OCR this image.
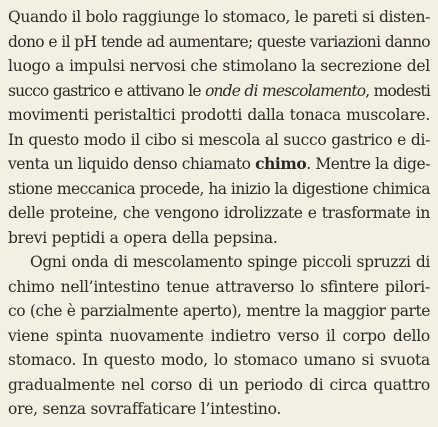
Quando il bolo raggiunge lo stomaco, le pareti si disten-
dono e il pH tende ad aumentare; queste variazioni danno
luogo a impulsi nervosi che stimolano la secrezione del
succo gastrico e attivano le onde di mescolamento, modesti
movimenti peristaltici prodotti dalla tonaca muscolare.
In questo modo il cibo si mescola al succo gastrico e di-
venta un liquido denso chiamato chimo. Mentre la dige-
stione meccanica procede, ha inizio la digestione chimica
delle proteine, che vengono idrolizzate e trasformate in
brevi peptidi a opera della pepsina.
Ogni onda di mescolamento spinge piccoli spruzzi di
chimo nell’intestino tenue attraverso lo sfintere pilori-
co (che è parzialmente aperto), mentre la maggior parte
viene spinta nuovamente indietro verso il corpo dello
stomaco. In questo modo, lo stomaco umano si svuota
gradualmente nel corso di un periodo di circa quattro
ore, senza sovraffaticare l’intestino.
